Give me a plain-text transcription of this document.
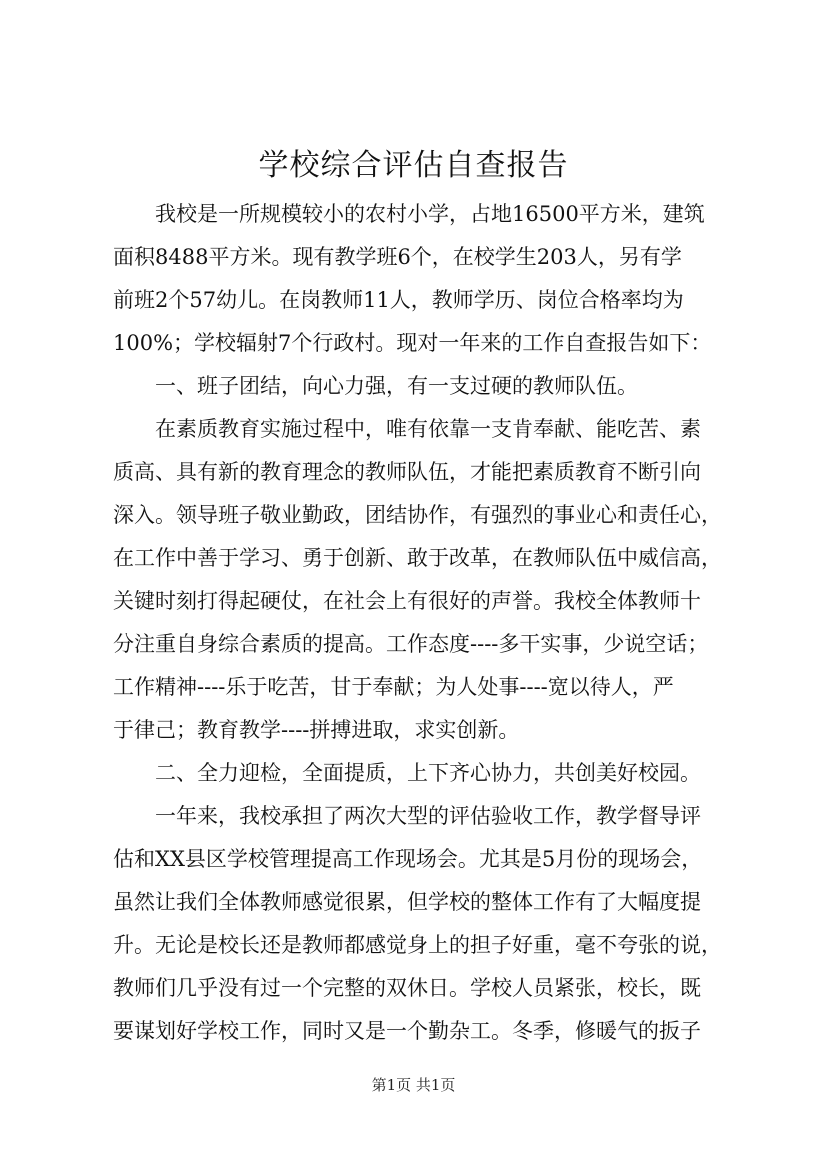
学校综合评估自查报告

我校是一所规模较小的农村小学，占地16500平方米，建筑

面积8488平方米。现有教学班6个，在校学生203人，另有学

前班2个57幼儿。在岗教师11人，教师学历、岗位合格率均为

100%；学校辐射7个行政村。现对一年来的工作自查报告如下：

一、班子团结，向心力强，有一支过硬的教师队伍。

在素质教育实施过程中，唯有依靠一支肯奉献、能吃苦、素

质高、具有新的教育理念的教师队伍，才能把素质教育不断引向

深入。领导班子敬业勤政，团结协作，有强烈的事业心和责任心，

在工作中善于学习、勇于创新、敢于改革，在教师队伍中威信高，

关键时刻打得起硬仗，在社会上有很好的声誉。我校全体教师十

分注重自身综合素质的提高。工作态度----多干实事，少说空话；

工作精神----乐于吃苦，甘于奉献；为人处事----宽以待人，严

于律己；教育教学----拼搏进取，求实创新。

二、全力迎检，全面提质，上下齐心协力，共创美好校园。

一年来，我校承担了两次大型的评估验收工作，教学督导评

估和XX县区学校管理提高工作现场会。尤其是5月份的现场会，

虽然让我们全体教师感觉很累，但学校的整体工作有了大幅度提

升。无论是校长还是教师都感觉身上的担子好重，毫不夸张的说，

教师们几乎没有过一个完整的双休日。学校人员紧张，校长，既

要谋划好学校工作，同时又是一个勤杂工。冬季，修暖气的扳子

第1页 共1页
